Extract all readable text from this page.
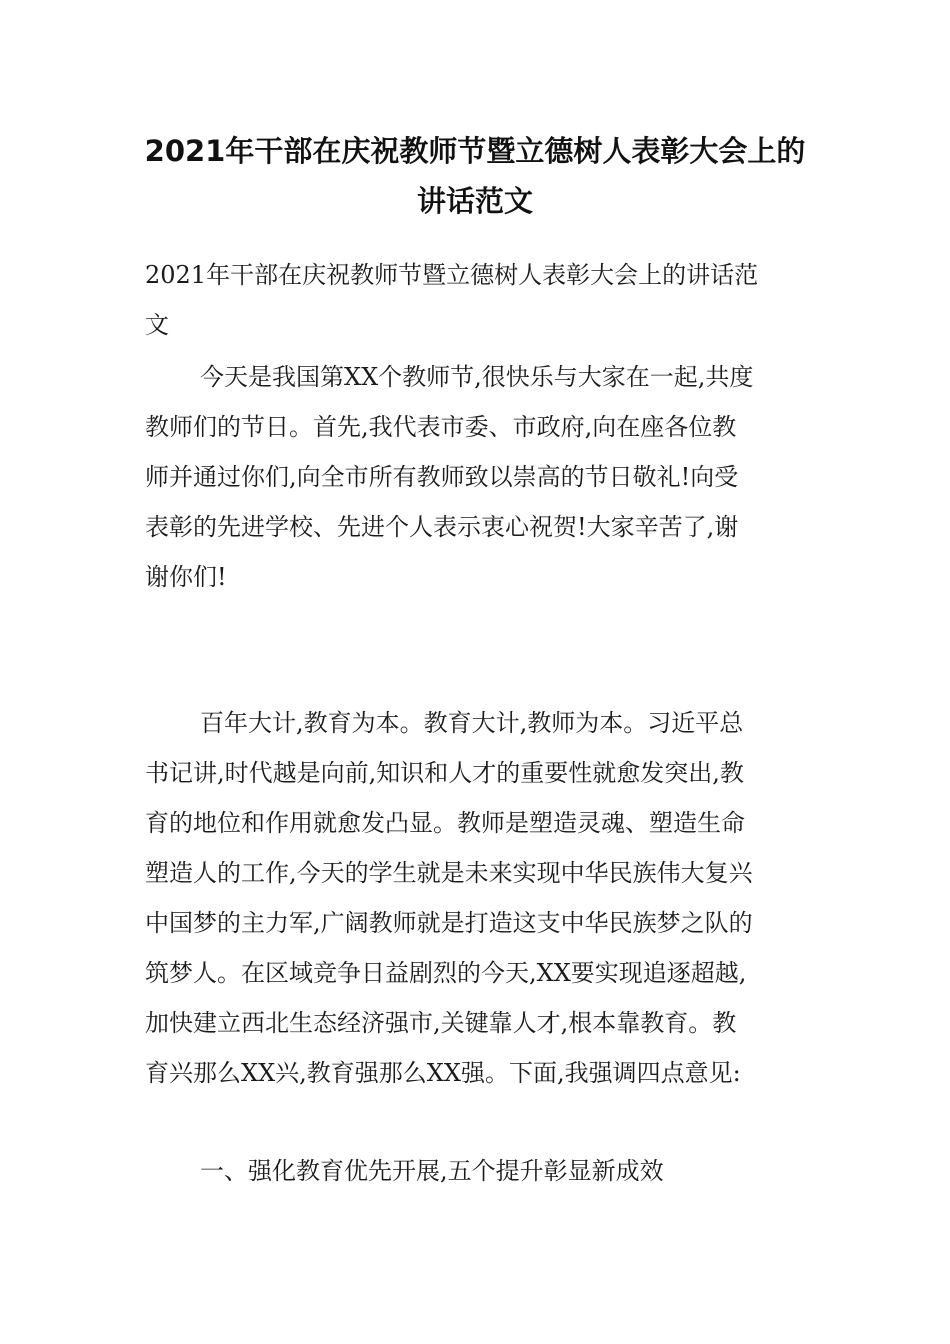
2021年干部在庆祝教师节暨立德树人表彰大会上的
讲话范文
2021年干部在庆祝教师节暨立德树人表彰大会上的讲话范
文
今天是我国第XX个教师节,很快乐与大家在一起,共度
教师们的节日。首先,我代表市委、市政府,向在座各位教
师并通过你们,向全市所有教师致以崇高的节日敬礼!向受
表彰的先进学校、先进个人表示衷心祝贺!大家辛苦了,谢
谢你们!
百年大计,教育为本。教育大计,教师为本。习近平总
书记讲,时代越是向前,知识和人才的重要性就愈发突出,教
育的地位和作用就愈发凸显。教师是塑造灵魂、塑造生命
塑造人的工作,今天的学生就是未来实现中华民族伟大复兴
中国梦的主力军,广阔教师就是打造这支中华民族梦之队的
筑梦人。在区域竞争日益剧烈的今天,XX要实现追逐超越,
加快建立西北生态经济强市,关键靠人才,根本靠教育。教
育兴那么XX兴,教育强那么XX强。下面,我强调四点意见:
一、强化教育优先开展,五个提升彰显新成效
